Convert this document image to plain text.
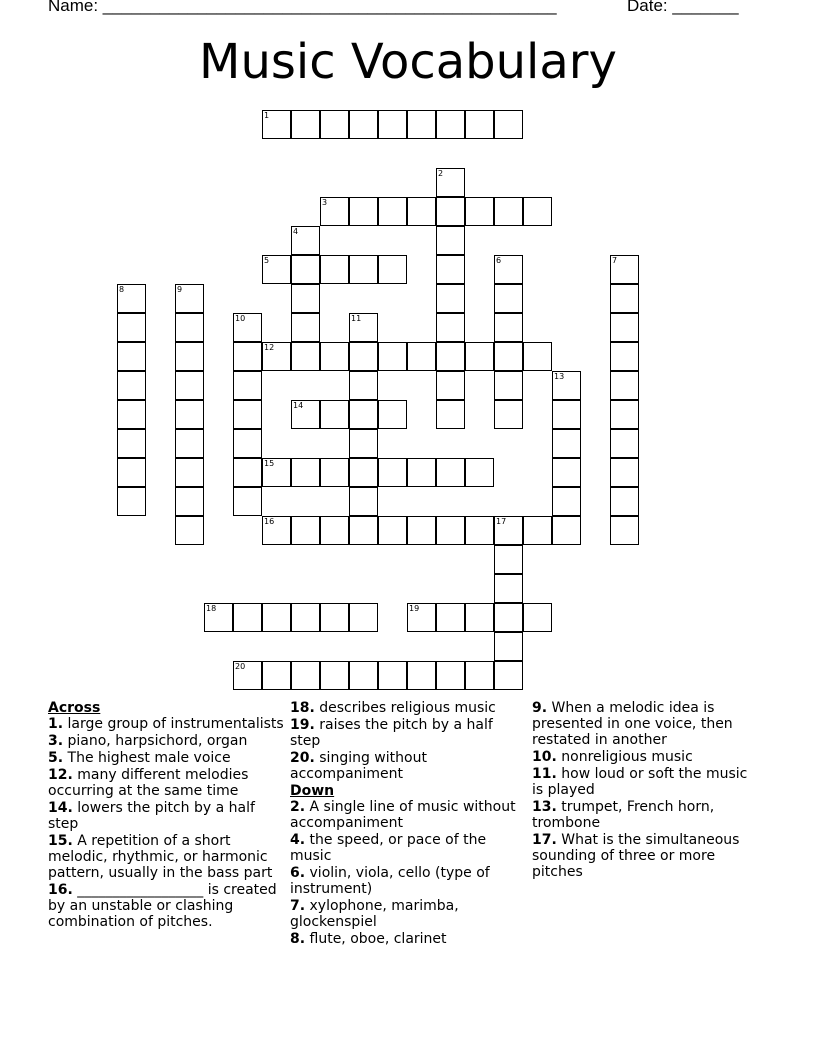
Name: ________________________________________________	Date: _______
Music Vocabulary
1
3
5
12
14
15
16	17
18	19
20
2
4
6	7
8	9
10	11
13
Across
1. large group of instrumentalists
3. piano, harpsichord, organ
5. The highest male voice
12. many different melodies occurring at the same time
14. lowers the pitch by a half step
15. A repetition of a short melodic, rhythmic, or harmonic pattern, usually in the bass part
16. __________________ is created by an unstable or clashing combination of pitches.
18. describes religious music
19. raises the pitch by a half step
20. singing without accompaniment
Down
2. A single line of music without accompaniment
4. the speed, or pace of the music
6. violin, viola, cello (type of instrument)
7. xylophone, marimba, glockenspiel
8. flute, oboe, clarinet
9. When a melodic idea is presented in one voice, then restated in another
10. nonreligious music
11. how loud or soft the music is played
13. trumpet, French horn, trombone
17. What is the simultaneous sounding of three or more pitches
